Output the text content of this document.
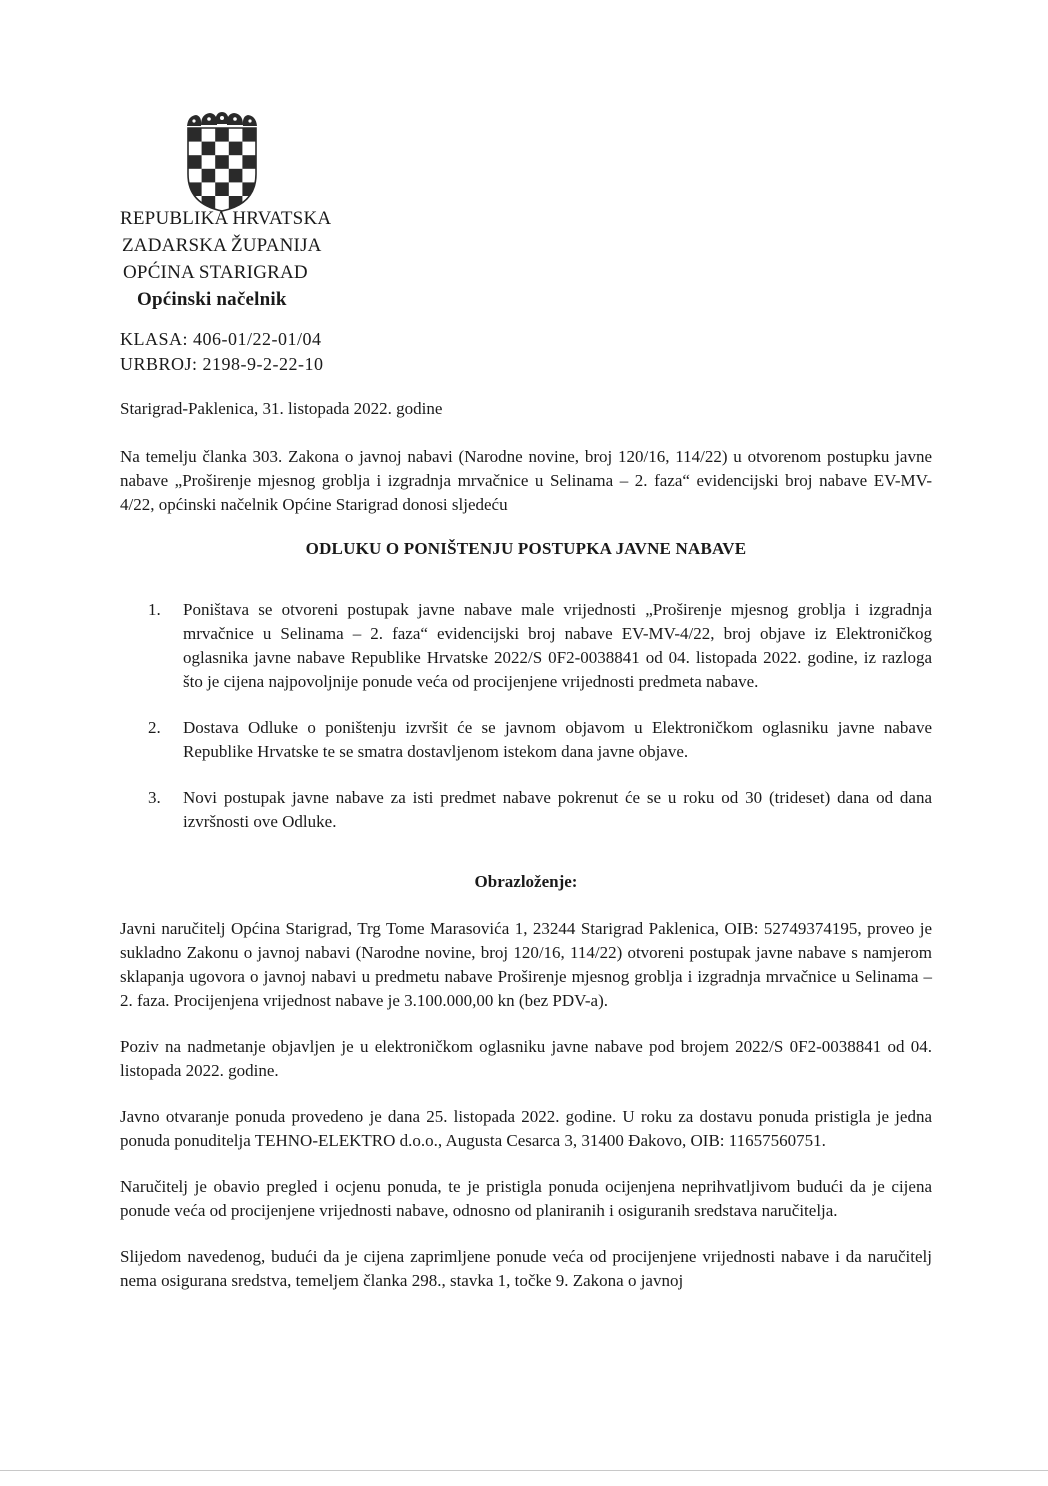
REPUBLIKA HRVATSKA
ZADARSKA ŽUPANIJA
OPĆINA STARIGRAD
Općinski načelnik
KLASA: 406-01/22-01/04
URBROJ: 2198-9-2-22-10
Starigrad-Paklenica, 31. listopada 2022. godine
Na temelju članka 303. Zakona o javnoj nabavi (Narodne novine, broj 120/16, 114/22) u otvorenom postupku javne nabave „Proširenje mjesnog groblja i izgradnja mrvačnice u Selinama – 2. faza“ evidencijski broj nabave EV-MV-4/22, općinski načelnik Općine Starigrad donosi sljedeću
ODLUKU O PONIŠTENJU POSTUPKA JAVNE NABAVE
1. Poništava se otvoreni postupak javne nabave male vrijednosti „Proširenje mjesnog groblja i izgradnja mrvačnice u Selinama – 2. faza“ evidencijski broj nabave EV-MV-4/22, broj objave iz Elektroničkog oglasnika javne nabave Republike Hrvatske 2022/S 0F2-0038841 od 04. listopada 2022. godine, iz razloga što je cijena najpovoljnije ponude veća od procijenjene vrijednosti predmeta nabave.
2. Dostava Odluke o poništenju izvršit će se javnom objavom u Elektroničkom oglasniku javne nabave Republike Hrvatske te se smatra dostavljenom istekom dana javne objave.
3. Novi postupak javne nabave za isti predmet nabave pokrenut će se u roku od 30 (trideset) dana od dana izvršnosti ove Odluke.
Obrazloženje:

Javni naručitelj Općina Starigrad, Trg Tome Marasovića 1, 23244 Starigrad Paklenica, OIB: 52749374195, proveo je sukladno Zakonu o javnoj nabavi (Narodne novine, broj 120/16, 114/22) otvoreni postupak javne nabave s namjerom sklapanja ugovora o javnoj nabavi u predmetu nabave Proširenje mjesnog groblja i izgradnja mrvačnice u Selinama – 2. faza. Procijenjena vrijednost nabave je 3.100.000,00 kn (bez PDV-a).

Poziv na nadmetanje objavljen je u elektroničkom oglasniku javne nabave pod brojem 2022/S 0F2-0038841 od 04. listopada 2022. godine.

Javno otvaranje ponuda provedeno je dana 25. listopada 2022. godine. U roku za dostavu ponuda pristigla je jedna ponuda ponuditelja TEHNO-ELEKTRO d.o.o., Augusta Cesarca 3, 31400 Đakovo, OIB: 11657560751.

Naručitelj je obavio pregled i ocjenu ponuda, te je pristigla ponuda ocijenjena neprihvatljivom budući da je cijena ponude veća od procijenjene vrijednosti nabave, odnosno od planiranih i osiguranih sredstava naručitelja.

Slijedom navedenog, budući da je cijena zaprimljene ponude veća od procijenjene vrijednosti nabave i da naručitelj nema osigurana sredstva, temeljem članka 298., stavka 1, točke 9. Zakona o javnoj
